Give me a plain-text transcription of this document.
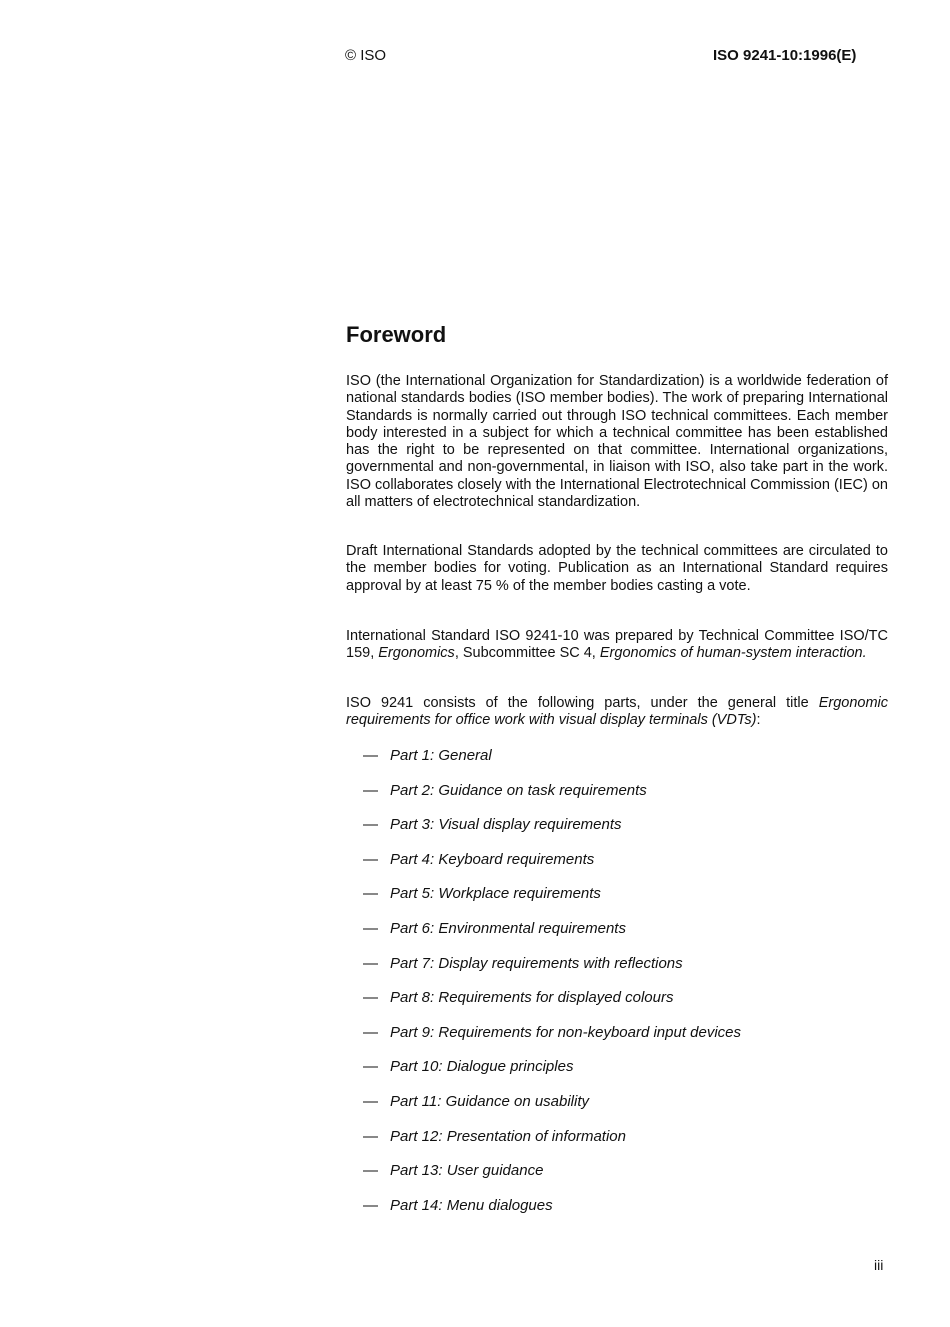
© ISO	ISO 9241-10:1996(E)
Foreword

ISO (the International Organization for Standardization) is a worldwide federation of national standards bodies (ISO member bodies). The work of preparing International Standards is normally carried out through ISO technical committees. Each member body interested in a subject for which a technical committee has been established has the right to be represented on that committee. International organizations, governmental and non-governmental, in liaison with ISO, also take part in the work. ISO collaborates closely with the International Electrotechnical Commission (IEC) on all matters of electrotechnical standardization.

Draft International Standards adopted by the technical committees are circulated to the member bodies for voting. Publication as an International Standard requires approval by at least 75 % of the member bodies casting a vote.

International Standard ISO 9241-10 was prepared by Technical Committee ISO/TC 159, Ergonomics, Subcommittee SC 4, Ergonomics of human-system interaction.

ISO 9241 consists of the following parts, under the general title Ergonomic requirements for office work with visual display terminals (VDTs):

— Part 1: General
— Part 2: Guidance on task requirements
— Part 3: Visual display requirements
— Part 4: Keyboard requirements
— Part 5: Workplace requirements
— Part 6: Environmental requirements
— Part 7: Display requirements with reflections
— Part 8: Requirements for displayed colours
— Part 9: Requirements for non-keyboard input devices
— Part 10: Dialogue principles
— Part 11: Guidance on usability
— Part 12: Presentation of information
— Part 13: User guidance
— Part 14: Menu dialogues
iii
